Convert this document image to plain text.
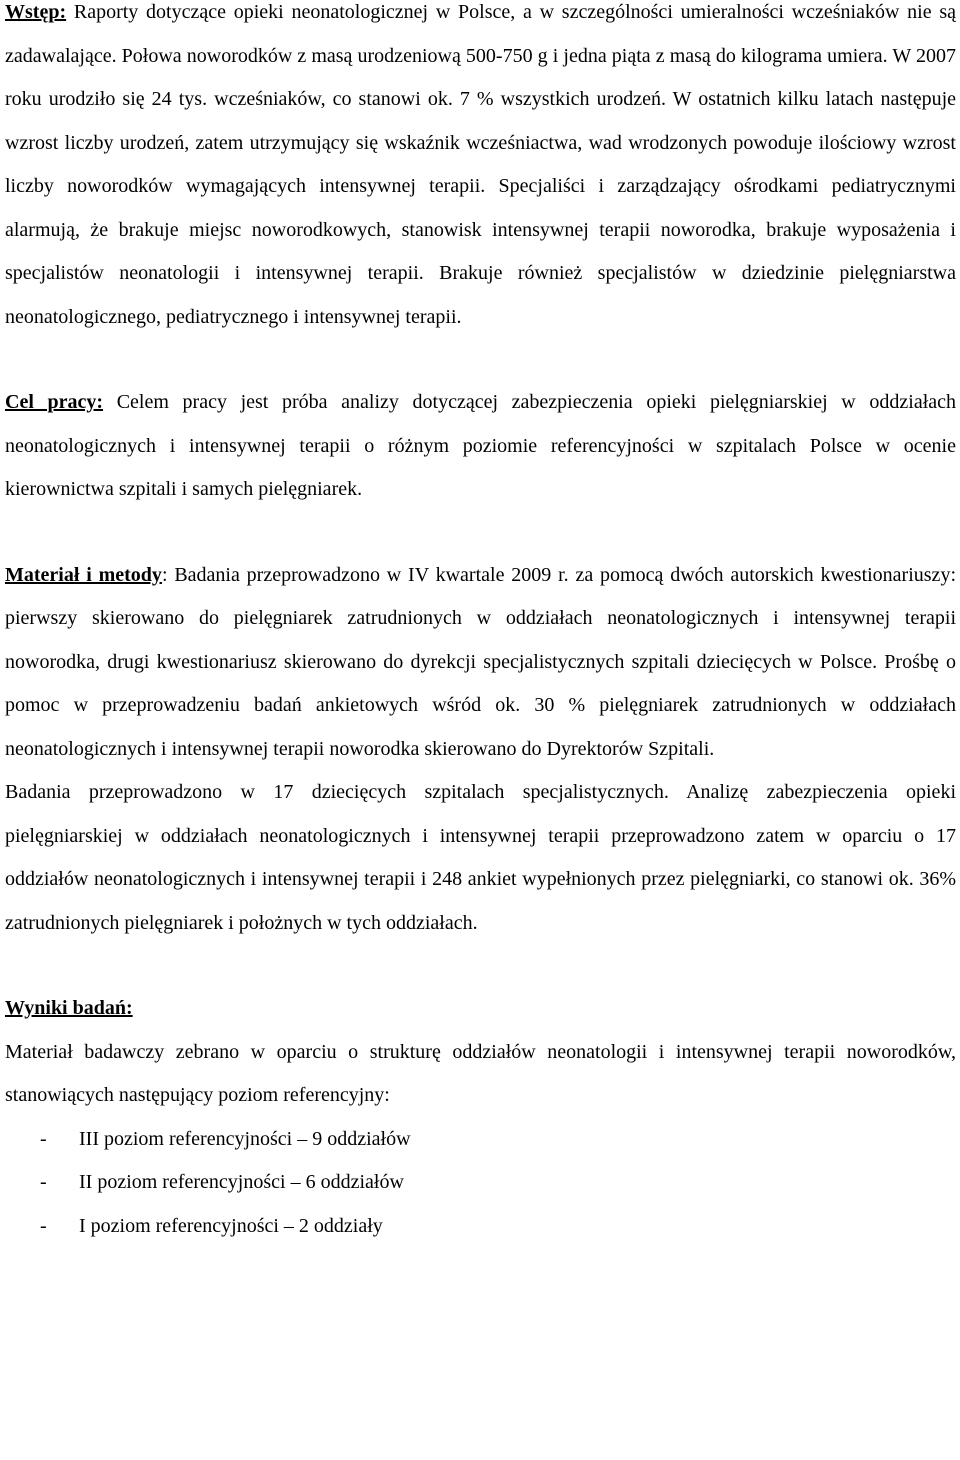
Wstęp: Raporty dotyczące opieki neonatologicznej w Polsce, a w szczególności umieralności wcześniaków nie są zadawalające. Połowa noworodków z masą urodzeniową 500-750 g i jedna piąta z masą do kilograma umiera. W 2007 roku urodziło się 24 tys. wcześniaków, co stanowi ok. 7 % wszystkich urodzeń. W ostatnich kilku latach następuje wzrost liczby urodzeń, zatem utrzymujący się wskaźnik wcześniactwa, wad wrodzonych powoduje ilościowy wzrost liczby noworodków wymagających intensywnej terapii. Specjaliści i zarządzający ośrodkami pediatrycznymi alarmują, że brakuje miejsc noworodkowych, stanowisk intensywnej terapii noworodka, brakuje wyposażenia i specjalistów neonatologii i intensywnej terapii. Brakuje również specjalistów w dziedzinie pielęgniarstwa neonatologicznego, pediatrycznego i intensywnej terapii.

Cel pracy: Celem pracy jest próba analizy dotyczącej zabezpieczenia opieki pielęgniarskiej w oddziałach neonatologicznych i intensywnej terapii o różnym poziomie referencyjności w szpitalach Polsce w ocenie kierownictwa szpitali i samych pielęgniarek.

Materiał i metody: Badania przeprowadzono w IV kwartale 2009 r. za pomocą dwóch autorskich kwestionariuszy: pierwszy skierowano do pielęgniarek zatrudnionych w oddziałach neonatologicznych i intensywnej terapii noworodka, drugi kwestionariusz skierowano do dyrekcji specjalistycznych szpitali dziecięcych w Polsce. Prośbę o pomoc w przeprowadzeniu badań ankietowych wśród ok. 30 % pielęgniarek zatrudnionych w oddziałach neonatologicznych i intensywnej terapii noworodka skierowano do Dyrektorów Szpitali.

Badania przeprowadzono w 17 dziecięcych szpitalach specjalistycznych. Analizę zabezpieczenia opieki pielęgniarskiej w oddziałach neonatologicznych i intensywnej terapii przeprowadzono zatem w oparciu o 17 oddziałów neonatologicznych i intensywnej terapii i 248 ankiet wypełnionych przez pielęgniarki, co stanowi ok. 36% zatrudnionych pielęgniarek i położnych w tych oddziałach.

Wyniki badań:

Materiał badawczy zebrano w oparciu o strukturę oddziałów neonatologii i intensywnej terapii noworodków, stanowiących następujący poziom referencyjny:

- III poziom referencyjności – 9 oddziałów
- II poziom referencyjności – 6 oddziałów
- I poziom referencyjności – 2 oddziały
